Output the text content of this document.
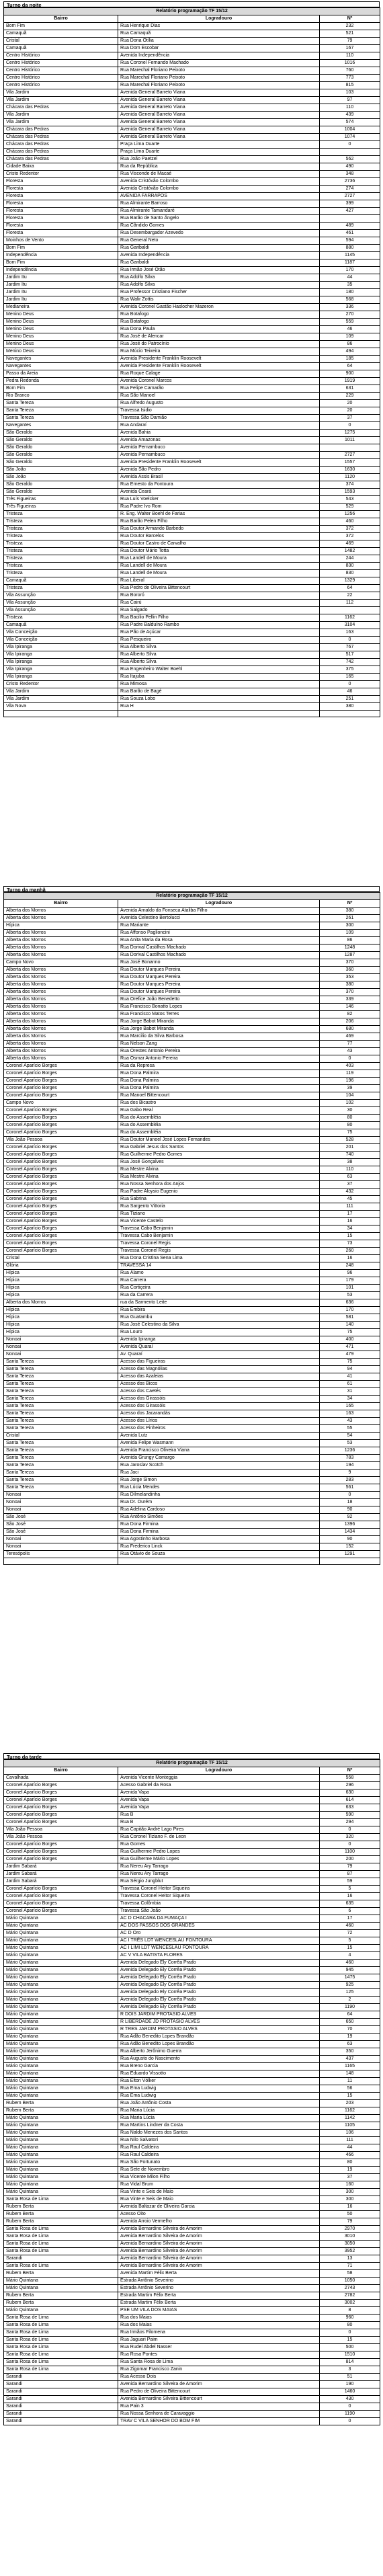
Turno da noite
Relatório programação TF 15/12		
Bairro	Logradouro	Nº
Bom Fim	Rua Henrique Dias	232
Camaquã	Rua Camaquã	521
Cristal	Rua Dona Otília	79
Camaquã	Rua Dom Escobar	167
Centro Histórico	Avenida Independência	110
Centro Histórico	Rua Coronel Fernando Machado	1016
Centro Histórico	Rua Marechal Floriano Peixoto	760
Centro Histórico	Rua Marechal Floriano Peixoto	773
Centro Histórico	Rua Marechal Floriano Peixoto	815
Vila Jardim	Avenida General Barreto Viana	103
Vila Jardim	Avenida General Barreto Viana	97
Chácara das Pedras	Avenida General Barreto Viana	110
Vila Jardim	Avenida General Barreto Viana	439
Vila Jardim	Avenida General Barreto Viana	574
Chácara das Pedras	Avenida General Barreto Viana	1004
Chácara das Pedras	Avenida General Barreto Viana	1074
Chácara das Pedras	Praça Lima Duarte	0
Chácara das Pedras	Praça Lima Duarte	
Chácara das Pedras	Rua João Paetzel	562
Cidade Baixa	Rua da República	490
Cristo Redentor	Rua Visconde de Macaé	348
Floresta	Avenida Cristóvão Colombo	2736
Floresta	Avenida Cristóvão Colombo	274
Floresta	AVENIDA FARRAPOS	2727
Floresta	Rua Almirante Barroso	399
Floresta	Rua Almirante Tamandaré	427
Floresta	Rua Barão de Santo Ângelo	
Floresta	Rua Cândido Gomes	489
Floresta	Rua Desembargador Azevedo	461
Moinhos de Vento	Rua General Neto	594
Bom Fim	Rua Garibaldi	880
Independência	Avenida Independência	1145
Bom Fim	Rua Garibaldi	1187
Independência	Rua Irmão José Otão	170
Jardim Itu	Rua Adolfo Silva	44
Jardim Itu	Rua Adolfo Silva	35
Jardim Itu	Rua Professor Cristiano Fischer	180
Jardim Itu	Rua Walir Zottis	568
Medianeira	Avenida Coronel Gastão Haslocher Mazeron	336
Menino Deus	Rua Botafogo	270
Menino Deus	Rua Botafogo	559
Menino Deus	Rua Dona Paula	46
Menino Deus	Rua José de Alencar	109
Menino Deus	Rua José do Patrocínio	86
Menino Deus	Rua Múcio Teixeira	494
Navegantes	Avenida Presidente Franklin Roosevelt	185
Navegantes	Avenida Presidente Franklin Roosevelt	64
Passo da Areia	Rua Roque Calage	900
Pedra Redonda	Avenida Coronel Marcos	1919
Bom Fim	Rua Felipe Camarão	631
Rio Branco	Rua São Manoel	229
Santa Tereza	Rua Alfredo Augusto	20
Santa Tereza	Travessa Isidio	20
Santa Tereza	Travessa São Damião	37
Navegantes	Rua Andaraí	0
São Geraldo	Avenida Bahia	1275
São Geraldo	Avenida Amazonas	1011
São Geraldo	Avenida Pernambuco	
São Geraldo	Avenida Pernambuco	2727
São Geraldo	Avenida Presidente Franklin Roosevelt	1557
São João	Avenida São Pedro	1630
São João	Avenida Assis Brasil	1120
São Geraldo	Rua Ernesto da Fontoura	374
São Geraldo	Avenida Ceará	1593
Três Figueiras	Rua Luís Voelcker	543
Três Figueiras	Rua Padre Ivo Rom	529
Tristeza	R. Eng. Walter Boehl de Farias	1256
Tristeza	Rua Barão Pelen Filho	460
Tristeza	Rua Doutor Armando Barbedo	372
Tristeza	Rua Doutor Barcelos	372
Tristeza	Rua Doutor Castro de Carvalho	469
Tristeza	Rua Doutor Mário Totta	1482
Tristeza	Rua Landell de Moura	244
Tristeza	Rua Landell de Moura	830
Tristeza	Rua Landell de Moura	830
Camaquã	Rua Liberal	1329
Tristeza	Rua Pedro de Oliveira Bittencourt	64
Vila Assunção	Rua Bororó	22
Vila Assunção	Rua Cairú	112
Vila Assunção	Rua Salgado	
Tristeza	Rua Bacilio Pellin Filho	1162
Camaquã	Rua Padre Balduíno Rambo	3104
Vila Conceição	Rua Pão de Açúcar	163
Vila Conceição	Rua Pesqueiro	0
Vila Ipiranga	Rua Alberto Silva	767
Vila Ipiranga	Rua Alberto Silva	517
Vila Ipiranga	Rua Alberto Silva	742
Vila Ipiranga	Rua Engenheiro Walter Boehl	375
Vila Ipiranga	Rua Itajuba	165
Cristo Redentor	Rua Mimosa	0
Vila Jardim	Rua Barão de Bagé	46
Vila Jardim	Rua Souza Lobo	251
Vila Nova	Rua H	380

Turno da manhã
Relatório programação TF 15/12		
Bairro	Logradouro	Nº
Alberta dos Morros	Avenida Arnaldo da Fonseca Ataliba Filho	380
Alberta dos Morros	Avenida Celestino Bertolucci	261
Hípica	Rua Mariante	300
Alberta dos Morros	Rua Affonso Paglioncini	109
Alberta dos Morros	Rua Anita Maria da Rosa	86
Alberta dos Morros	Rua Dorival Castilhos Machado	1248
Alberta dos Morros	Rua Dorival Castilhos Machado	1287
Campo Novo	Rua José Bonanno	370
Alberta dos Morros	Rua Doutor Marques Pereira	360
Alberta dos Morros	Rua Doutor Marques Pereira	353
Alberta dos Morros	Rua Doutor Marques Pereira	380
Alberta dos Morros	Rua Doutor Marques Pereira	370
Alberta dos Morros	Rua Orefice João Benedetto	339
Alberta dos Morros	Rua Francisco Bonatto Lopes	146
Alberta dos Morros	Rua Francisco Matos Terres	82
Alberta dos Morros	Rua Jorge Babot Miranda	206
Alberta dos Morros	Rua Jorge Babot Miranda	680
Alberta dos Morros	Rua Marcilio da Silva Barbosa	469
Alberta dos Morros	Rua Nelson Zang	77
Alberta dos Morros	Rua Orestes Antonio Pereira	43
Alberta dos Morros	Rua Osmar Antonio Pereira	0
Coronel Aparício Borges	Rua da Represa	403
Coronel Aparício Borges	Rua Dona Palmira	119
Coronel Aparício Borges	Rua Dona Palmira	196
Coronel Aparício Borges	Rua Dona Palmira	39
Coronel Aparício Borges	Rua Manoel Bittencourt	104
Campo Novo	Rua dos Bicastro	102
Coronel Aparício Borges	Rua Gabo Real	30
Coronel Aparício Borges	Rua do Assembléia	80
Coronel Aparício Borges	Rua do Assembléia	80
Coronel Aparício Borges	Rua do Assembléia	75
Vila João Pessoa	Rua Doutor Manoel José Lopes Fernandes	528
Coronel Aparício Borges	Rua Gabriel Jesus dos Santos	201
Coronel Aparício Borges	Rua Guilherme Pedro Gomes	740
Coronel Aparício Borges	Rua José Gonçalves	38
Coronel Aparício Borges	Rua Mestre Alvina	110
Coronel Aparício Borges	Rua Mestre Alvina	63
Coronel Aparício Borges	Rua Nossa Senhora dos Anjos	37
Coronel Aparício Borges	Rua Padre Aloysio Eugenio	432
Coronel Aparício Borges	Rua Sabrina	45
Coronel Aparício Borges	Rua Sargento Vittoria	111
Coronel Aparício Borges	Rua Tiziano	17
Coronel Aparício Borges	Rua Vicente Castelo	16
Coronel Aparício Borges	Travessa Cabo Benjamin	34
Coronel Aparício Borges	Travessa Cabo Benjamin	15
Coronel Aparício Borges	Travessa Coronel Regis	73
Coronel Aparício Borges	Travessa Coronel Regis	260
Cristal	Rua Dona Cristina Sena Lima	16
Glória	TRAVESSA 14	248
Hípica	Rua Álamo	96
Hípica	Rua Carrera	179
Hípica	Rua Cortiçeira	101
Hípica	Rua da Carrera	53
Alberta dos Morros	rua da Sarmento Leite	636
Hípica	Rua Embira	170
Hípica	Rua Guatambu	581
Hípica	Rua José Celestino da Silva	140
Hípica	Rua Louro	75
Nonoai	Avenida Ipiranga	400
Nonoai	Avenida Quaraí	471
Nonoai	Av. Quaraí	479
Santa Tereza	Acesso das Figueiras	75
Santa Tereza	Acesso das Magnólias	94
Santa Tereza	Acesso das Azaleias	41
Santa Tereza	Acesso dos Bicos	61
Santa Tereza	Acesso dos Caetés	31
Santa Tereza	Acesso dos Girassóis	34
Santa Tereza	Acesso dos Girassóis	165
Santa Tereza	Acesso dos Jacarandás	163
Santa Tereza	Acesso dos Lírios	43
Santa Tereza	Acesso dos Pinheiros	55
Cristal	Avenida Lutz	54
Santa Tereza	Avenida Felipe Wasmann	53
Santa Tereza	Avenida Francisco Oliveira Viana	1236
Santa Tereza	Avenida Grungy Camargo	783
Santa Tereza	Rua Jaroslav Scotch	194
Santa Tereza	Rua Jaci	9
Santa Tereza	Rua Jorge Simon	283
Santa Tereza	Rua Lúcia Mendes	561
Nonoai	Rua Dilmelandinha	0
Nonoai	Rua Dr. Ourém	18
Nonoai	Rua Adelina Cardoso	90
São José	Rua Antônio Simões	92
São José	Rua Dona Firmina	1396
São José	Rua Dona Firmina	1434
Nonoai	Rua Agostinho Barbosa	90
Nonoai	Rua Frederico Linck	152
Teresópolis	Rua Otávio de Souza	1291

Turno da tarde
Relatório programação TF 15/12		
Bairro	Logradouro	Nº
Cavalhada	Avenida Vicente Monteggia	558
Coronel Aparício Borges	Acesso Gabriel da Rosa	296
Coronel Aparício Borges	Avenida Vapa	630
Coronel Aparício Borges	Avenida Vapa	614
Coronel Aparício Borges	Avenida Vapa	633
Coronel Aparício Borges	Rua B	590
Coronel Aparício Borges	Rua B	294
Vila João Pessoa	Rua Capitão André Lago Pires	0
Vila João Pessoa	Rua Coronel Tiziano F. de Leon	320
Coronel Aparício Borges	Rua Gomes	0
Coronel Aparício Borges	Rua Guilherme Pedro Lopes	1100
Coronel Aparício Borges	Rua Guilherme Mário Lopes	200
Jardim Sabará	Rua Nereu Ary Tarrago	79
Jardim Sabará	Rua Nereu Ary Tarrago	87
Jardim Sabará	Rua Sérgio Jungblut	59
Coronel Aparício Borges	Travessa Coronel Heitor Siqueira	5
Coronel Aparício Borges	Travessa Coronel Heitor Siqueira	16
Coronel Aparício Borges	Travessa Colômbia	635
Coronel Aparício Borges	Travessa São João	6
Mário Quintana	AC D CHACARA DA FUMAÇA I	17
Mário Quintana	AC DOS PASSOS DOS GRANDES	460
Mário Quintana	AC D Oro	72
Mário Quintana	AC I TRÊS LDT WENCESLAU FONTOURA	5
Mário Quintana	AC I LIMI LDT WENCESLAU FONTOURA	15
Mário Quintana	AC V VILA BATISTA FLORES	4
Mário Quintana	Avenida Delegado Ely Corrêa Prado	460
Mário Quintana	Avenida Delegado Ely Corrêa Prado	945
Mário Quintana	Avenida Delegado Ely Corrêa Prado	1475
Mário Quintana	Avenida Delegado Ely Corrêa Prado	925
Mário Quintana	Avenida Delegado Ely Corrêa Prado	125
Mário Quintana	Avenida Delegado Ely Corrêa Prado	2
Mário Quintana	Avenida Delegado Ely Corrêa Prado	1190
Mário Quintana	R DOIS JARDIM PROTASIO ALVES	64
Mário Quintana	R LIBERDADE JD PROTASIO ALVES	650
Mário Quintana	R TRES JARDIM PROTASIO ALVES	70
Mário Quintana	Rua Adão Benedito Lopes Brandão	19
Mário Quintana	Rua Adão Benedito Lopes Brandão	63
Mário Quintana	Rua Alberto Jerônimo Guerra	350
Mário Quintana	Rua Augusto do Nascimento	437
Mário Quintana	Rua Breno Garcia	1165
Mário Quintana	Rua Eduardo Vissotto	148
Mário Quintana	Rua Elton Völker	11
Mário Quintana	Rua Ema Ludwig	56
Mário Quintana	Rua Ema Ludwig	15
Rubem Berta	Rua João Antônio Costa	203
Rubem Berta	Rua Maria Lúcia	1162
Mário Quintana	Rua Maria Lúcia	1142
Mário Quintana	Rua Martins Lindner da Costa	1105
Mário Quintana	Rua Naldo Menezes dos Santos	106
Mário Quintana	Rua Nilo Salvatori	111
Mário Quintana	Rua Raul Caldeira	44
Mário Quintana	Rua Raul Caldeira	466
Mário Quintana	Rua São Fortunato	80
Mário Quintana	Rua Sete de Novembro	19
Mário Quintana	Rua Vicente Milon Filho	37
Mário Quintana	Rua Vidal Brum	160
Mário Quintana	Rua Vinte e Seis de Maio	300
Santa Rosa de Lima	Rua Vinte e Seis de Maio	300
Rubem Berta	Avenida Baltazar de Oliveira Garcia	16
Rubem Berta	Acesso Oito	50
Rubem Berta	Avenida Arroio Vermelho	79
Santa Rosa de Lima	Avenida Bernardino Silveira de Amorim	2970
Santa Rosa de Lima	Avenida Bernardino Silveira de Amorim	3010
Santa Rosa de Lima	Avenida Bernardino Silveira de Amorim	3050
Santa Rosa de Lima	Avenida Bernardino Silveira de Amorim	3952
Sarandi	Avenida Bernardino Silveira de Amorim	13
Santa Rosa de Lima	Avenida Bernardino Silveira de Amorim	71
Rubem Berta	Avenida Martim Félix Berta	58
Mário Quintana	Estrada Antônio Severino	1050
Mário Quintana	Estrada Antônio Severino	2743
Rubem Berta	Estrada Martim Félix Berta	2782
Rubem Berta	Estrada Martim Félix Berta	3002
Mário Quintana	PSE UM VILA DOS MAIAS	8
Santa Rosa de Lima	Rua dos Maias	960
Santa Rosa de Lima	Rua dos Maias	80
Santa Rosa de Lima	Rua Irmãos Filomena	0
Santa Rosa de Lima	Rua Jaguari Paim	15
Santa Rosa de Lima	Rua Rudel Abdel Nasser	500
Santa Rosa de Lima	Rua Rosa Pontes	1510
Santa Rosa de Lima	Rua Santa Rosa de Lima	814
Santa Rosa de Lima	Rua Zigomar Francisco Zanin	3
Sarandi	Rua Acesso Dois	51
Sarandi	Avenida Bernardino Silveira de Amorim	190
Sarandi	Rua Pedro de Oliveira Bittencourt	1460
Sarandi	Avenida Bernardino Silveira Bittencourt	430
Sarandi	Rua Pain 3	0
Sarandi	Rua Nossa Senhora de Caravaggio	1190
Sarandi	TRAV C VILA SENHOR DO BOM FIM	0
